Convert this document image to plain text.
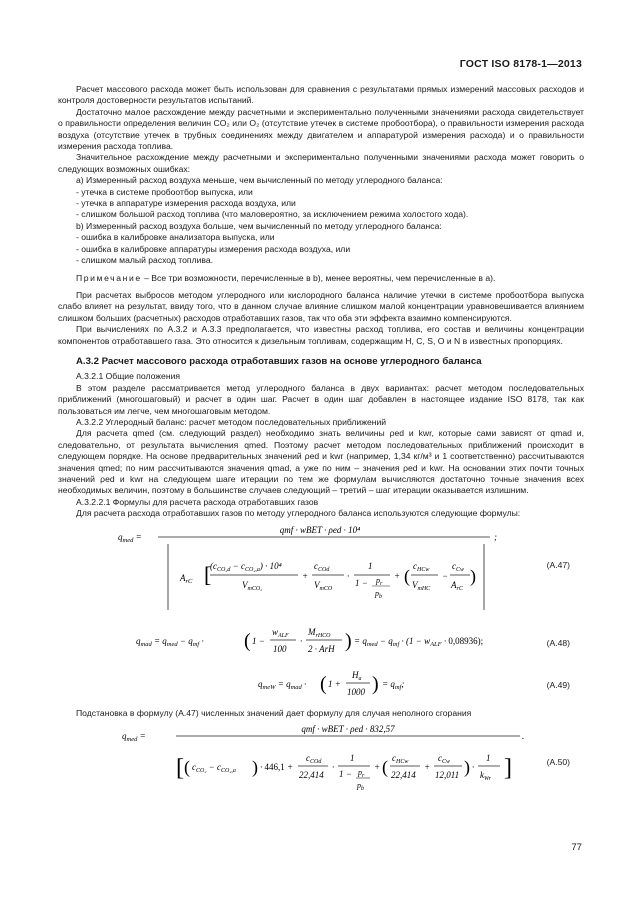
ГОСТ ISO 8178-1—2013

Расчет массового расхода может быть использован для сравнения с результатами прямых измерений массовых расходов и контроля достоверности результатов испытаний.

Достаточно малое расхождение между расчетными и экспериментально полученными значениями расхода свидетельствует о правильности определения величин CO₂ или O₂ (отсутствие утечек в системе пробоотбора), о правильности измерения расхода воздуха (отсутствие утечек в трубных соединениях между двигателем и аппаратурой измерения расхода) и о правильности измерения расхода топлива.

Значительное расхождение между расчетными и экспериментально полученными значениями расхода может говорить о следующих возможных ошибках:

a) Измеренный расход воздуха меньше, чем вычисленный по методу углеродного баланса:

- утечка в системе пробоотбор выпуска, или

- утечка в аппаратуре измерения расхода воздуха, или

- слишком большой расход топлива (что маловероятно, за исключением режима холостого хода).

b) Измеренный расход воздуха больше, чем вычисленный по методу углеродного баланса:

- ошибка в калибровке анализатора выпуска, или

- ошибка в калибровке аппаратуры измерения расхода воздуха, или

- слишком малый расход топлива.

Примечание – Все три возможности, перечисленные в b), менее вероятны, чем перечисленные в a).

При расчетах выбросов методом углеродного или кислородного баланса наличие утечки в системе пробоотбора выпуска слабо влияет на результат, ввиду того, что в данном случае влияние слишком малой концентрации уравновешивается влиянием слишком больших (расчетных) расходов отработавших газов, так что оба эти эффекта взаимно компенсируются.

При вычислениях по А.3.2 и А.3.3 предполагается, что известны расход топлива, его состав и величины концентрации компонентов отработавшего газа. Это относится к дизельным топливам, содержащим H, C, S, O и N в известных пропорциях.

А.3.2 Расчет массового расхода отработавших газов на основе углеродного баланса

А.3.2.1 Общие положения

В этом разделе рассматривается метод углеродного баланса в двух вариантах: расчет методом последовательных приближений (многошаговый) и расчет в один шаг. Расчет в один шаг добавлен в настоящее издание ISO 8178, так как пользоваться им легче, чем многошаговым методом.

А.3.2.2 Углеродный баланс: расчет методом последовательных приближений

Для расчета qmed (см. следующий раздел) необходимо знать величины ρed и kwr, которые сами зависят от qmad и, следовательно, от результата вычисления qmed. Поэтому расчет методом последовательных приближений происходит в следующем порядке. На основе предварительных значений ρed и kwr (например, 1,34 кг/м³ и 1 соответственно) рассчитываются значения qmed; по ним рассчитываются значения qmad, а уже по ним – значения ρed и kwr. На основании этих почти точных значений ρed и kwr на следующем шаге итерации по тем же формулам вычисляются достаточно точные значения всех необходимых величин, поэтому в большинстве случаев следующий – третий – шаг итерации оказывается излишним.

А.3.2.2.1 Формулы для расчета расхода отработавших газов

Для расчета расхода отработавших газов по методу углеродного баланса используются следующие формулы:

$q_{med}$ =
qmf · wBET · ρed · 10⁴
;
$A_{rC}$ [
$(c_{CO_2d} - c_{CO_2,a}) \cdot 10^4$
$V_{mCO_2}$
+
$c_{COd}$
$V_{mCO}$
·
1
$1 - p_r$
$p_b$
+ ( $c_{HCw}$
$V_{mHC}$
−
$c_{Cw}$
$A_{rC}$
)
(А.47)
$q_{mad} = q_{med} - q_{mf}$ · ( 1 −
$w_{ALF}$
100
·
$M_{rHCO}$
2 · ArH ) = $q_{med} - q_{mf} \cdot (1 - w_{ALF} \cdot 0,08936)$;	(А.48)
$q_{meW} = q_{mad}$ · ( 1 +
$H_a$
1000 ) = $q_{mf}$;	(А.49)

Подстановка в формулу (А.47) численных значений дает формулу для случая неполного сгорания

$q_{med}$ =
qmf · wBET · ρed · 832,57
.
[ ( $c_{CO_2} - c_{CO_2,a}$ ) · 446,1 +
$c_{COd}$
22,414
·
1
$1 - p_r$
$p_b$
+ ( $c_{HCw}$
22,414
+
$c_{Cw}$
12,011 ) ·
1
$k_{Wr}$ ]	(А.50)
77
